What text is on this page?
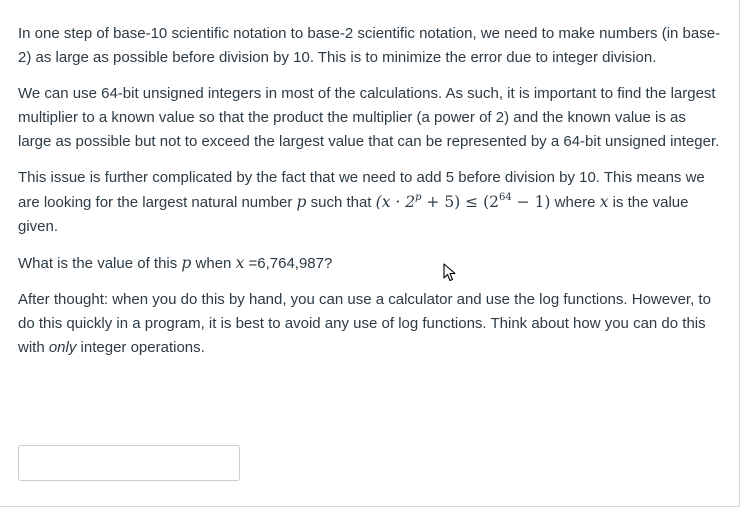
In one step of base-10 scientific notation to base-2 scientific notation, we need to make numbers (in base-2) as large as possible before division by 10. This is to minimize the error due to integer division.

We can use 64-bit unsigned integers in most of the calculations. As such, it is important to find the largest multiplier to a known value so that the product the multiplier (a power of 2) and the known value is as large as possible but not to exceed the largest value that can be represented by a 64-bit unsigned integer.

This issue is further complicated by the fact that we need to add 5 before division by 10. This means we are looking for the largest natural number p such that $(x \cdot 2^p + 5) \le (2^{64} - 1)$ where x is the value given.

What is the value of this p when x =6,764,987?

After thought: when you do this by hand, you can use a calculator and use the log functions. However, to do this quickly in a program, it is best to avoid any use of log functions. Think about how you can do this with only integer operations.
